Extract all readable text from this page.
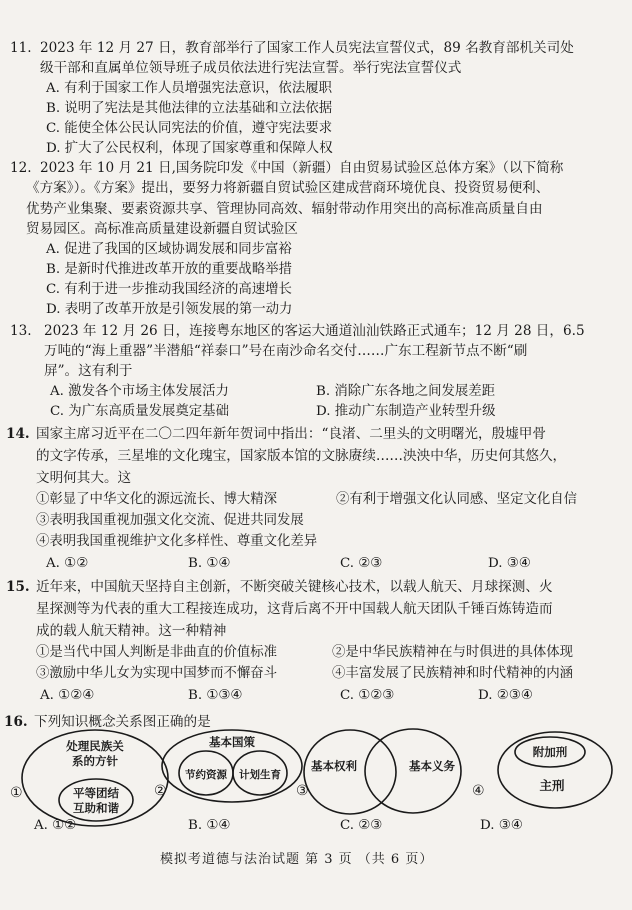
11. 2023 年 12 月 27 日，教育部举行了国家工作人员宪法宣誓仪式，89 名教育部机关司处
级干部和直属单位领导班子成员依法进行宪法宣誓。举行宪法宣誓仪式
A. 有利于国家工作人员增强宪法意识，依法履职
B. 说明了宪法是其他法律的立法基础和立法依据
C. 能使全体公民认同宪法的价值，遵守宪法要求
D. 扩大了公民权利，体现了国家尊重和保障人权
12. 2023 年 10 月 21 日,国务院印发《中国（新疆）自由贸易试验区总体方案》（以下简称
《方案》）。《方案》提出，要努力将新疆自贸试验区建成营商环境优良、投资贸易便利、
优势产业集聚、要素资源共享、管理协同高效、辐射带动作用突出的高标准高质量自由
贸易园区。高标准高质量建设新疆自贸试验区
A. 促进了我国的区域协调发展和同步富裕
B. 是新时代推进改革开放的重要战略举措
C. 有利于进一步推动我国经济的高速增长
D. 表明了改革开放是引领发展的第一动力
13. 2023 年 12 月 26 日，连接粤东地区的客运大通道汕汕铁路正式通车；12 月 28 日，6.5
万吨的“海上重器”半潜船“祥泰口”号在南沙命名交付……广东工程新节点不断“刷
屏”。这有利于
A. 激发各个市场主体发展活力	B. 消除广东各地之间发展差距
C. 为广东高质量发展奠定基础	D. 推动广东制造产业转型升级
14. 国家主席习近平在二〇二四年新年贺词中指出：“良渚、二里头的文明曙光，殷墟甲骨
的文字传承，三星堆的文化瑰宝，国家版本馆的文脉赓续……泱泱中华，历史何其悠久，
文明何其大。这
①彰显了中华文化的源远流长、博大精深	②有利于增强文化认同感、坚定文化自信
③表明我国重视加强文化交流、促进共同发展
④表明我国重视维护文化多样性、尊重文化差异
A. ①②	B. ①④	C. ②③	D. ③④
15. 近年来，中国航天坚持自主创新，不断突破关键核心技术，以载人航天、月球探测、火
星探测等为代表的重大工程接连成功，这背后离不开中国载人航天团队千锤百炼铸造而
成的载人航天精神。这一种精神
①是当代中国人判断是非曲直的价值标准	②是中华民族精神在与时俱进的具体体现
③激励中华儿女为实现中国梦而不懈奋斗	④丰富发展了民族精神和时代精神的内涵
A. ①②④	B. ①③④	C. ①②③	D. ②③④
16. 下列知识概念关系图正确的是
处理民族关
系的方针
平等团结
互助和谐
基本国策
节约资源 计划生育
基本权利	基本义务
附加刑
主刑
①	②	③	④
A. ①②	B. ①④	C. ②③	D. ③④
模拟考道德与法治试题 第 3 页 （共 6 页）
